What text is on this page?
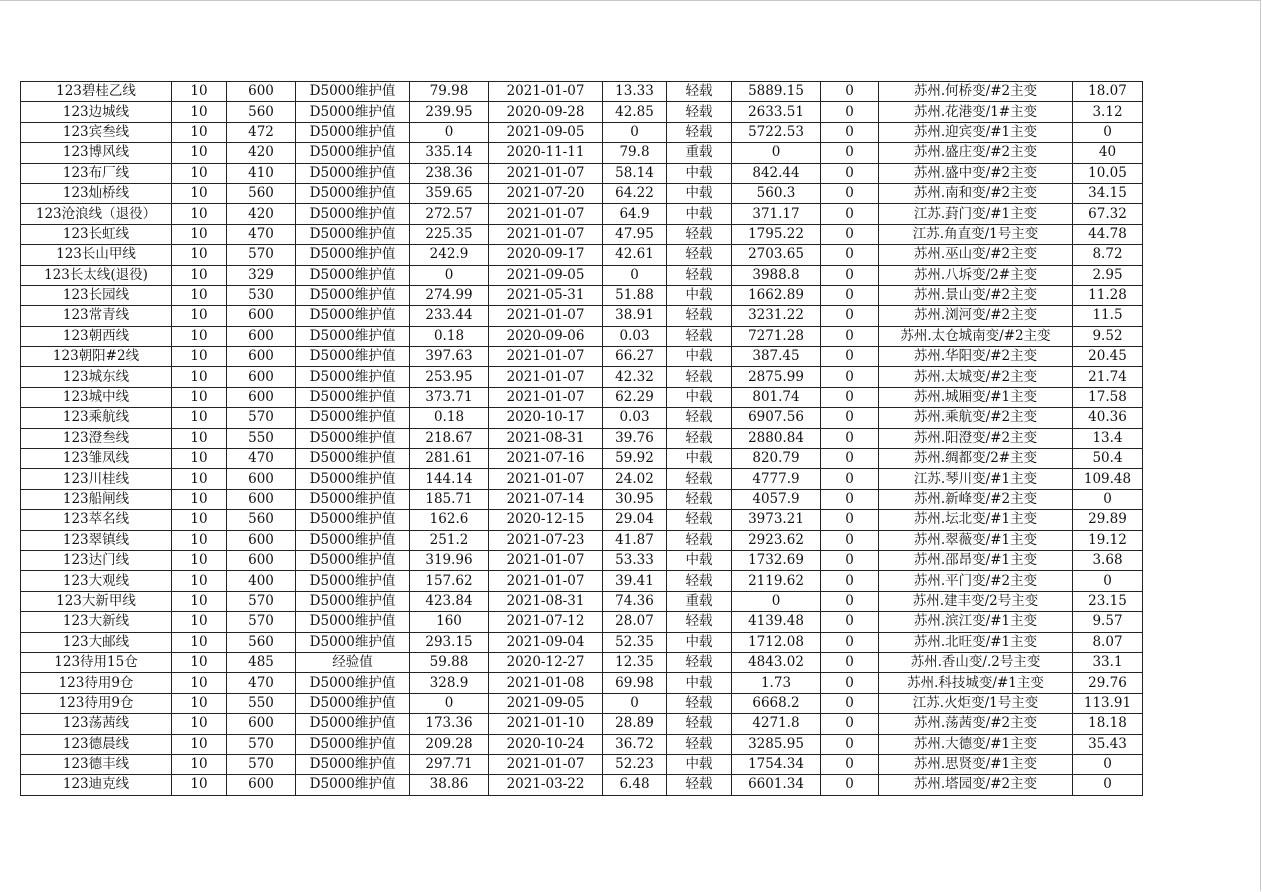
123碧桂乙线	10	600	D5000维护值	79.98	2021-01-07	13.33	轻载	5889.15	0	苏州.何桥变/#2主变	18.07
123边城线	10	560	D5000维护值	239.95	2020-09-28	42.85	轻载	2633.51	0	苏州.花港变/1#主变	3.12
123宾叁线	10	472	D5000维护值	0	2021-09-05	0	轻载	5722.53	0	苏州.迎宾变/#1主变	0
123博风线	10	420	D5000维护值	335.14	2020-11-11	79.8	重载	0	0	苏州.盛庄变/#2主变	40
123布厂线	10	410	D5000维护值	238.36	2021-01-07	58.14	中载	842.44	0	苏州.盛中变/#2主变	10.05
123灿桥线	10	560	D5000维护值	359.65	2021-07-20	64.22	中载	560.3	0	苏州.南和变/#2主变	34.15
123沧浪线（退役）	10	420	D5000维护值	272.57	2021-01-07	64.9	中载	371.17	0	江苏.葑门变/#1主变	67.32
123长虹线	10	470	D5000维护值	225.35	2021-01-07	47.95	轻载	1795.22	0	江苏.角直变/1号主变	44.78
123长山甲线	10	570	D5000维护值	242.9	2020-09-17	42.61	轻载	2703.65	0	苏州.巫山变/#2主变	8.72
123长太线(退役)	10	329	D5000维护值	0	2021-09-05	0	轻载	3988.8	0	苏州.八坼变/2#主变	2.95
123长园线	10	530	D5000维护值	274.99	2021-05-31	51.88	中载	1662.89	0	苏州.景山变/#2主变	11.28
123常青线	10	600	D5000维护值	233.44	2021-01-07	38.91	轻载	3231.22	0	苏州.浏河变/#2主变	11.5
123朝西线	10	600	D5000维护值	0.18	2020-09-06	0.03	轻载	7271.28	0	苏州.太仓城南变/#2主变	9.52
123朝阳#2线	10	600	D5000维护值	397.63	2021-01-07	66.27	中载	387.45	0	苏州.华阳变/#2主变	20.45
123城东线	10	600	D5000维护值	253.95	2021-01-07	42.32	轻载	2875.99	0	苏州.太城变/#2主变	21.74
123城中线	10	600	D5000维护值	373.71	2021-01-07	62.29	中载	801.74	0	苏州.城厢变/#1主变	17.58
123乘航线	10	570	D5000维护值	0.18	2020-10-17	0.03	轻载	6907.56	0	苏州.乘航变/#2主变	40.36
123澄叁线	10	550	D5000维护值	218.67	2021-08-31	39.76	轻载	2880.84	0	苏州.阳澄变/#2主变	13.4
123雏凤线	10	470	D5000维护值	281.61	2021-07-16	59.92	中载	820.79	0	苏州.绸都变/2#主变	50.4
123川桂线	10	600	D5000维护值	144.14	2021-01-07	24.02	轻载	4777.9	0	江苏.琴川变/#1主变	109.48
123船闸线	10	600	D5000维护值	185.71	2021-07-14	30.95	轻载	4057.9	0	苏州.新峰变/#2主变	0
123萃名线	10	560	D5000维护值	162.6	2020-12-15	29.04	轻载	3973.21	0	苏州.坛北变/#1主变	29.89
123翠镇线	10	600	D5000维护值	251.2	2021-07-23	41.87	轻载	2923.62	0	苏州.翠薇变/#1主变	19.12
123达门线	10	600	D5000维护值	319.96	2021-01-07	53.33	中载	1732.69	0	苏州.邵昂变/#1主变	3.68
123大观线	10	400	D5000维护值	157.62	2021-01-07	39.41	轻载	2119.62	0	苏州.平门变/#2主变	0
123大新甲线	10	570	D5000维护值	423.84	2021-08-31	74.36	重载	0	0	苏州.建丰变/2号主变	23.15
123大新线	10	570	D5000维护值	160	2021-07-12	28.07	轻载	4139.48	0	苏州.滨江变/#1主变	9.57
123大邮线	10	560	D5000维护值	293.15	2021-09-04	52.35	中载	1712.08	0	苏州.北旺变/#1主变	8.07
123待用15仓	10	485	经验值	59.88	2020-12-27	12.35	轻载	4843.02	0	苏州.香山变/.2号主变	33.1
123待用9仓	10	470	D5000维护值	328.9	2021-01-08	69.98	中载	1.73	0	苏州.科技城变/#1主变	29.76
123待用9仓	10	550	D5000维护值	0	2021-09-05	0	轻载	6668.2	0	江苏.火炬变/1号主变	113.91
123荡茜线	10	600	D5000维护值	173.36	2021-01-10	28.89	轻载	4271.8	0	苏州.荡茜变/#2主变	18.18
123德晨线	10	570	D5000维护值	209.28	2020-10-24	36.72	轻载	3285.95	0	苏州.大德变/#1主变	35.43
123德丰线	10	570	D5000维护值	297.71	2021-01-07	52.23	中载	1754.34	0	苏州.思贤变/#1主变	0
123迪克线	10	600	D5000维护值	38.86	2021-03-22	6.48	轻载	6601.34	0	苏州.塔园变/#2主变	0
